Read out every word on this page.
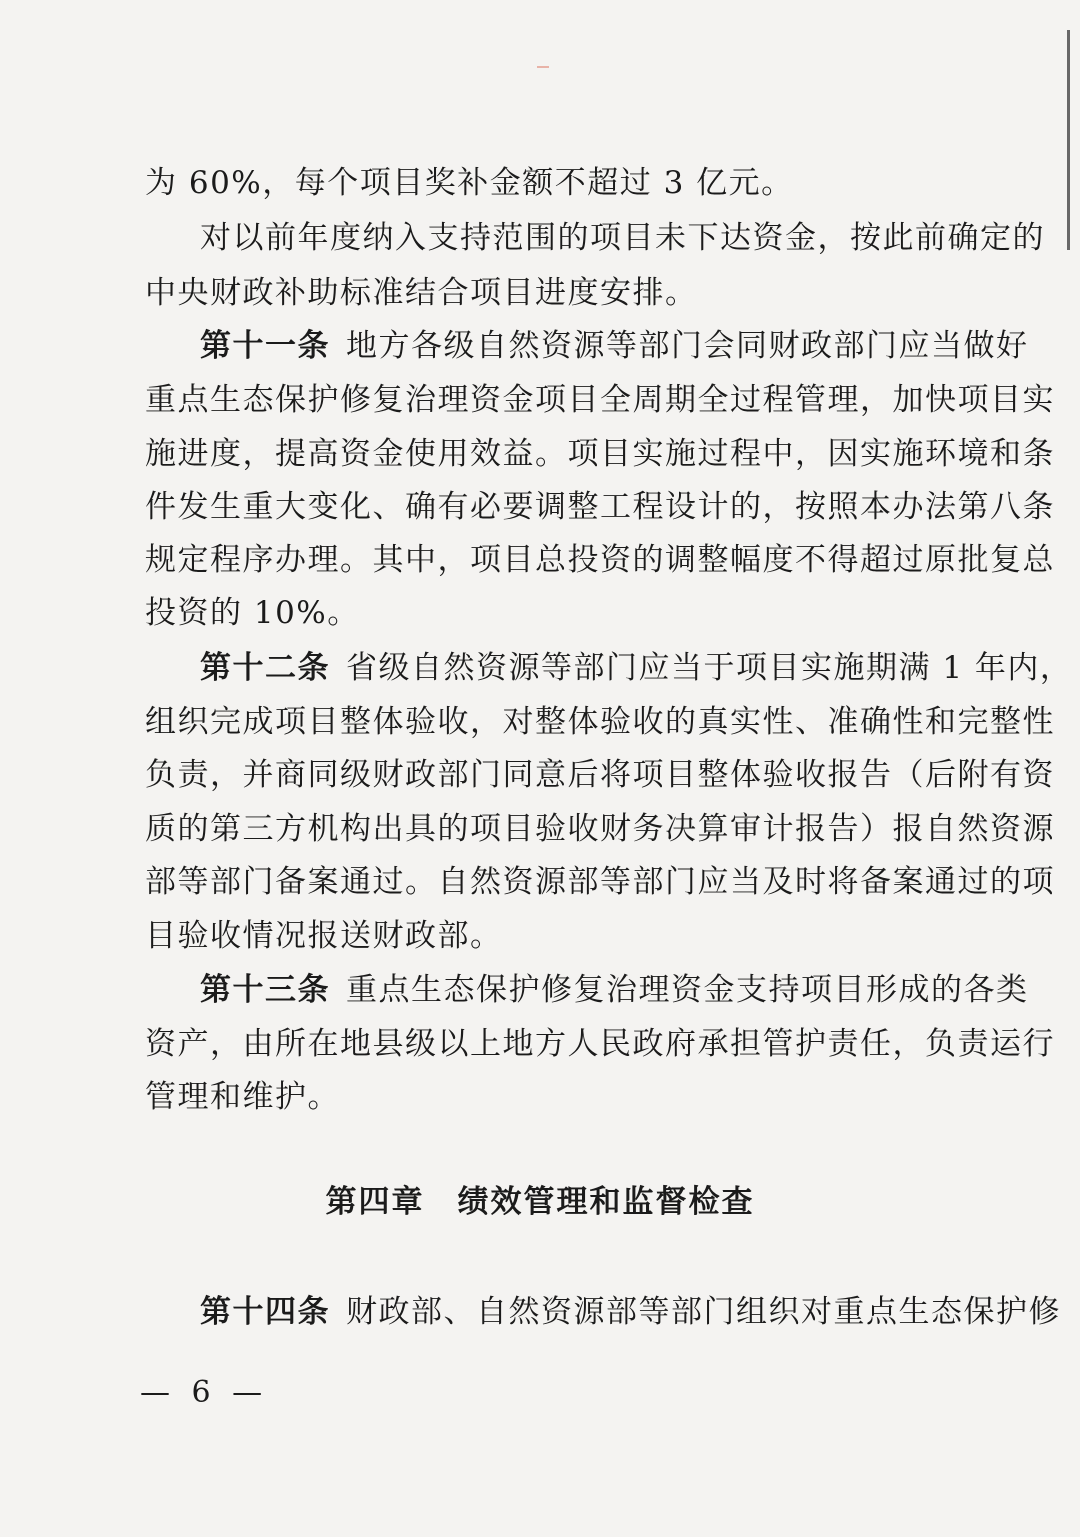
为 60%，每个项目奖补金额不超过 3 亿元。
对以前年度纳入支持范围的项目未下达资金，按此前确定的
中央财政补助标准结合项目进度安排。
第十一条 地方各级自然资源等部门会同财政部门应当做好
重点生态保护修复治理资金项目全周期全过程管理，加快项目实
施进度，提高资金使用效益。项目实施过程中，因实施环境和条
件发生重大变化、确有必要调整工程设计的，按照本办法第八条
规定程序办理。其中，项目总投资的调整幅度不得超过原批复总
投资的 10%。
第十二条 省级自然资源等部门应当于项目实施期满 1 年内，
组织完成项目整体验收，对整体验收的真实性、准确性和完整性
负责，并商同级财政部门同意后将项目整体验收报告（后附有资
质的第三方机构出具的项目验收财务决算审计报告）报自然资源
部等部门备案通过。自然资源部等部门应当及时将备案通过的项
目验收情况报送财政部。
第十三条 重点生态保护修复治理资金支持项目形成的各类
资产，由所在地县级以上地方人民政府承担管护责任，负责运行
管理和维护。
第四章　绩效管理和监督检查
第十四条 财政部、自然资源部等部门组织对重点生态保护修
— 6 —
